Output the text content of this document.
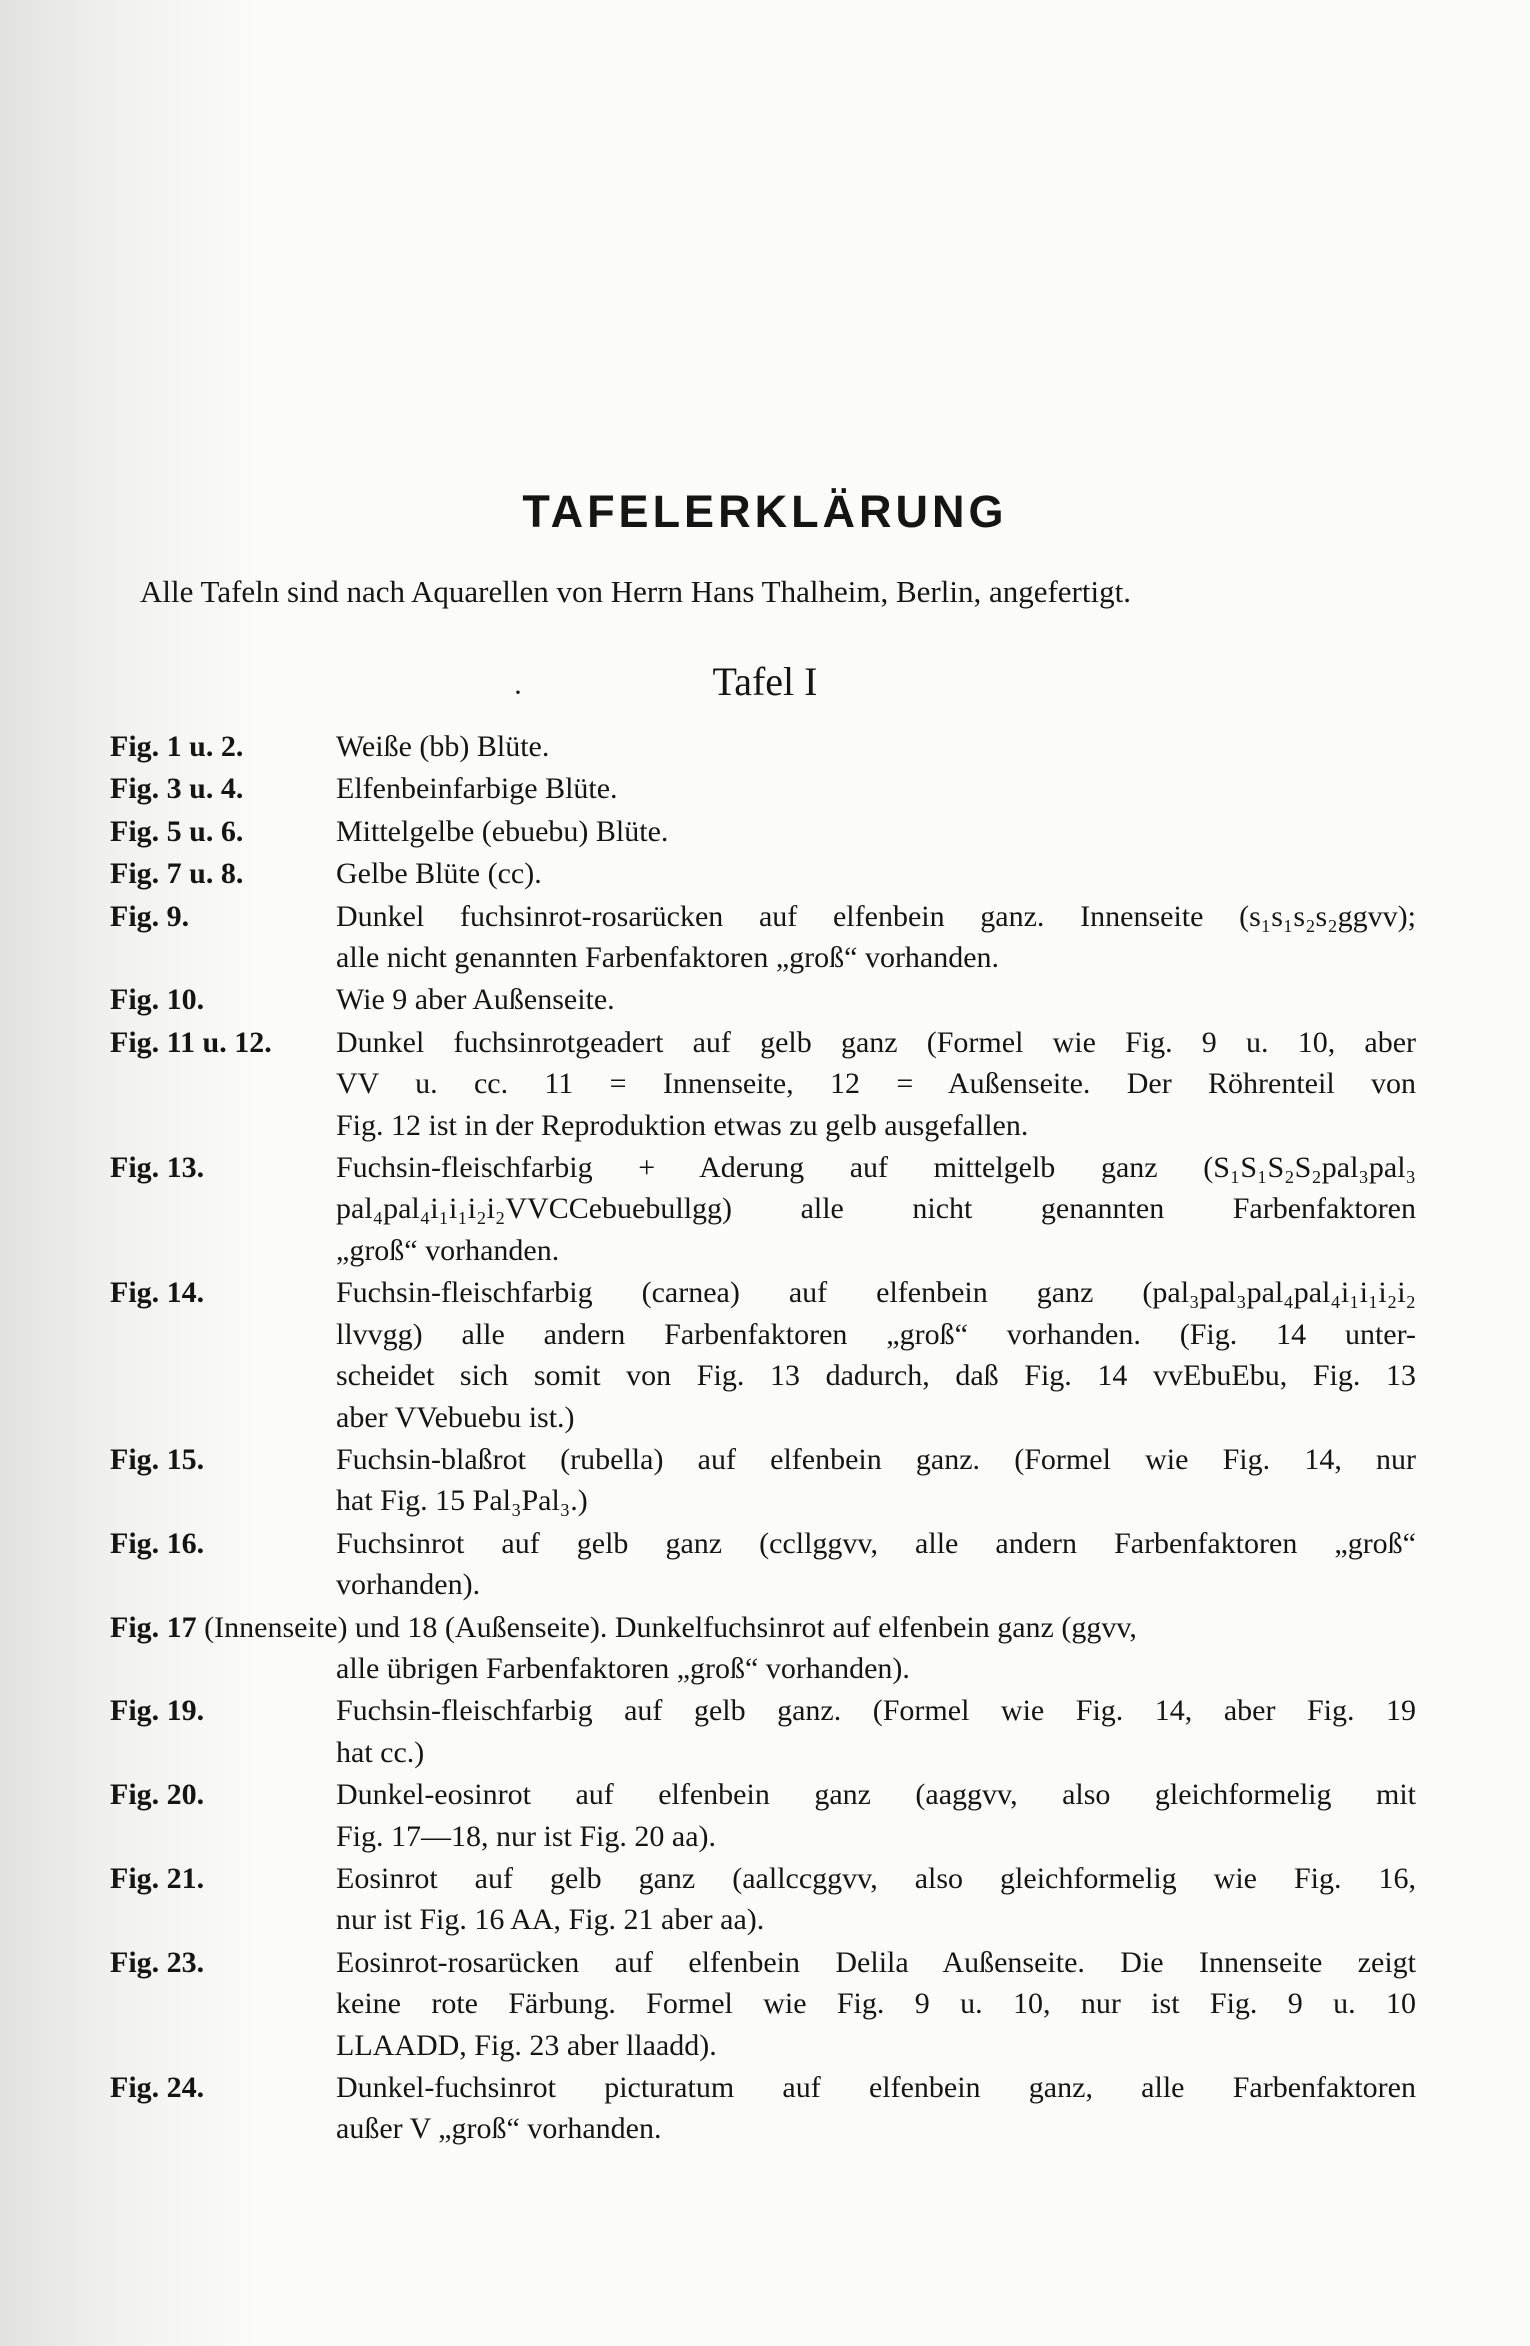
TAFELERKLÄRUNG
Alle Tafeln sind nach Aquarellen von Herrn Hans Thalheim, Berlin, angefertigt.
·	Tafel I
Fig. 1 u. 2.	Weiße (bb) Blüte.
Fig. 3 u. 4.	Elfenbeinfarbige Blüte.
Fig. 5 u. 6.	Mittelgelbe (ebuebu) Blüte.
Fig. 7 u. 8.	Gelbe Blüte (cc).
Fig. 9.	Dunkel fuchsinrot-rosarücken auf elfenbein ganz. Innenseite (s₁s₁s₂s₂ggvv);
alle nicht genannten Farbenfaktoren „groß“ vorhanden.
Fig. 10.	Wie 9 aber Außenseite.
Fig. 11 u. 12. Dunkel fuchsinrotgeadert auf gelb ganz (Formel wie Fig. 9 u. 10, aber
VV u. cc. 11 = Innenseite, 12 = Außenseite. Der Röhrenteil von
Fig. 12 ist in der Reproduktion etwas zu gelb ausgefallen.
Fig. 13.	Fuchsin-fleischfarbig + Aderung auf mittelgelb ganz (S₁S₁S₂S₂pal₃pal₃
pal₄pal₄i₁i₁i₂i₂VVCCebuebullgg) alle nicht genannten Farbenfaktoren
„groß“ vorhanden.
Fig. 14.	Fuchsin-fleischfarbig (carnea) auf elfenbein ganz (pal₃pal₃pal₄pal₄i₁i₁i₂i₂
llvvgg) alle andern Farbenfaktoren „groß“ vorhanden. (Fig. 14 unter-
scheidet sich somit von Fig. 13 dadurch, daß Fig. 14 vvEbuEbu, Fig. 13
aber VVebuebu ist.)
Fig. 15.	Fuchsin-blaßrot (rubella) auf elfenbein ganz. (Formel wie Fig. 14, nur
hat Fig. 15 Pal₃Pal₃.)
Fig. 16.	Fuchsinrot auf gelb ganz (ccllggvv, alle andern Farbenfaktoren „groß“
vorhanden).
Fig. 17 (Innenseite) und 18 (Außenseite). Dunkelfuchsinrot auf elfenbein ganz (ggvv,
alle übrigen Farbenfaktoren „groß“ vorhanden).
Fig. 19.	Fuchsin-fleischfarbig auf gelb ganz. (Formel wie Fig. 14, aber Fig. 19
hat cc.)
Fig. 20.	Dunkel-eosinrot auf elfenbein ganz (aaggvv, also gleichformelig mit
Fig. 17—18, nur ist Fig. 20 aa).
Fig. 21.	Eosinrot auf gelb ganz (aallccggvv, also gleichformelig wie Fig. 16,
nur ist Fig. 16 AA, Fig. 21 aber aa).
Fig. 23.	Eosinrot-rosarücken auf elfenbein Delila Außenseite. Die Innenseite zeigt
keine rote Färbung. Formel wie Fig. 9 u. 10, nur ist Fig. 9 u. 10
LLAADD, Fig. 23 aber llaadd).
Fig. 24.	Dunkel-fuchsinrot picturatum auf elfenbein ganz, alle Farbenfaktoren
außer V „groß“ vorhanden.
